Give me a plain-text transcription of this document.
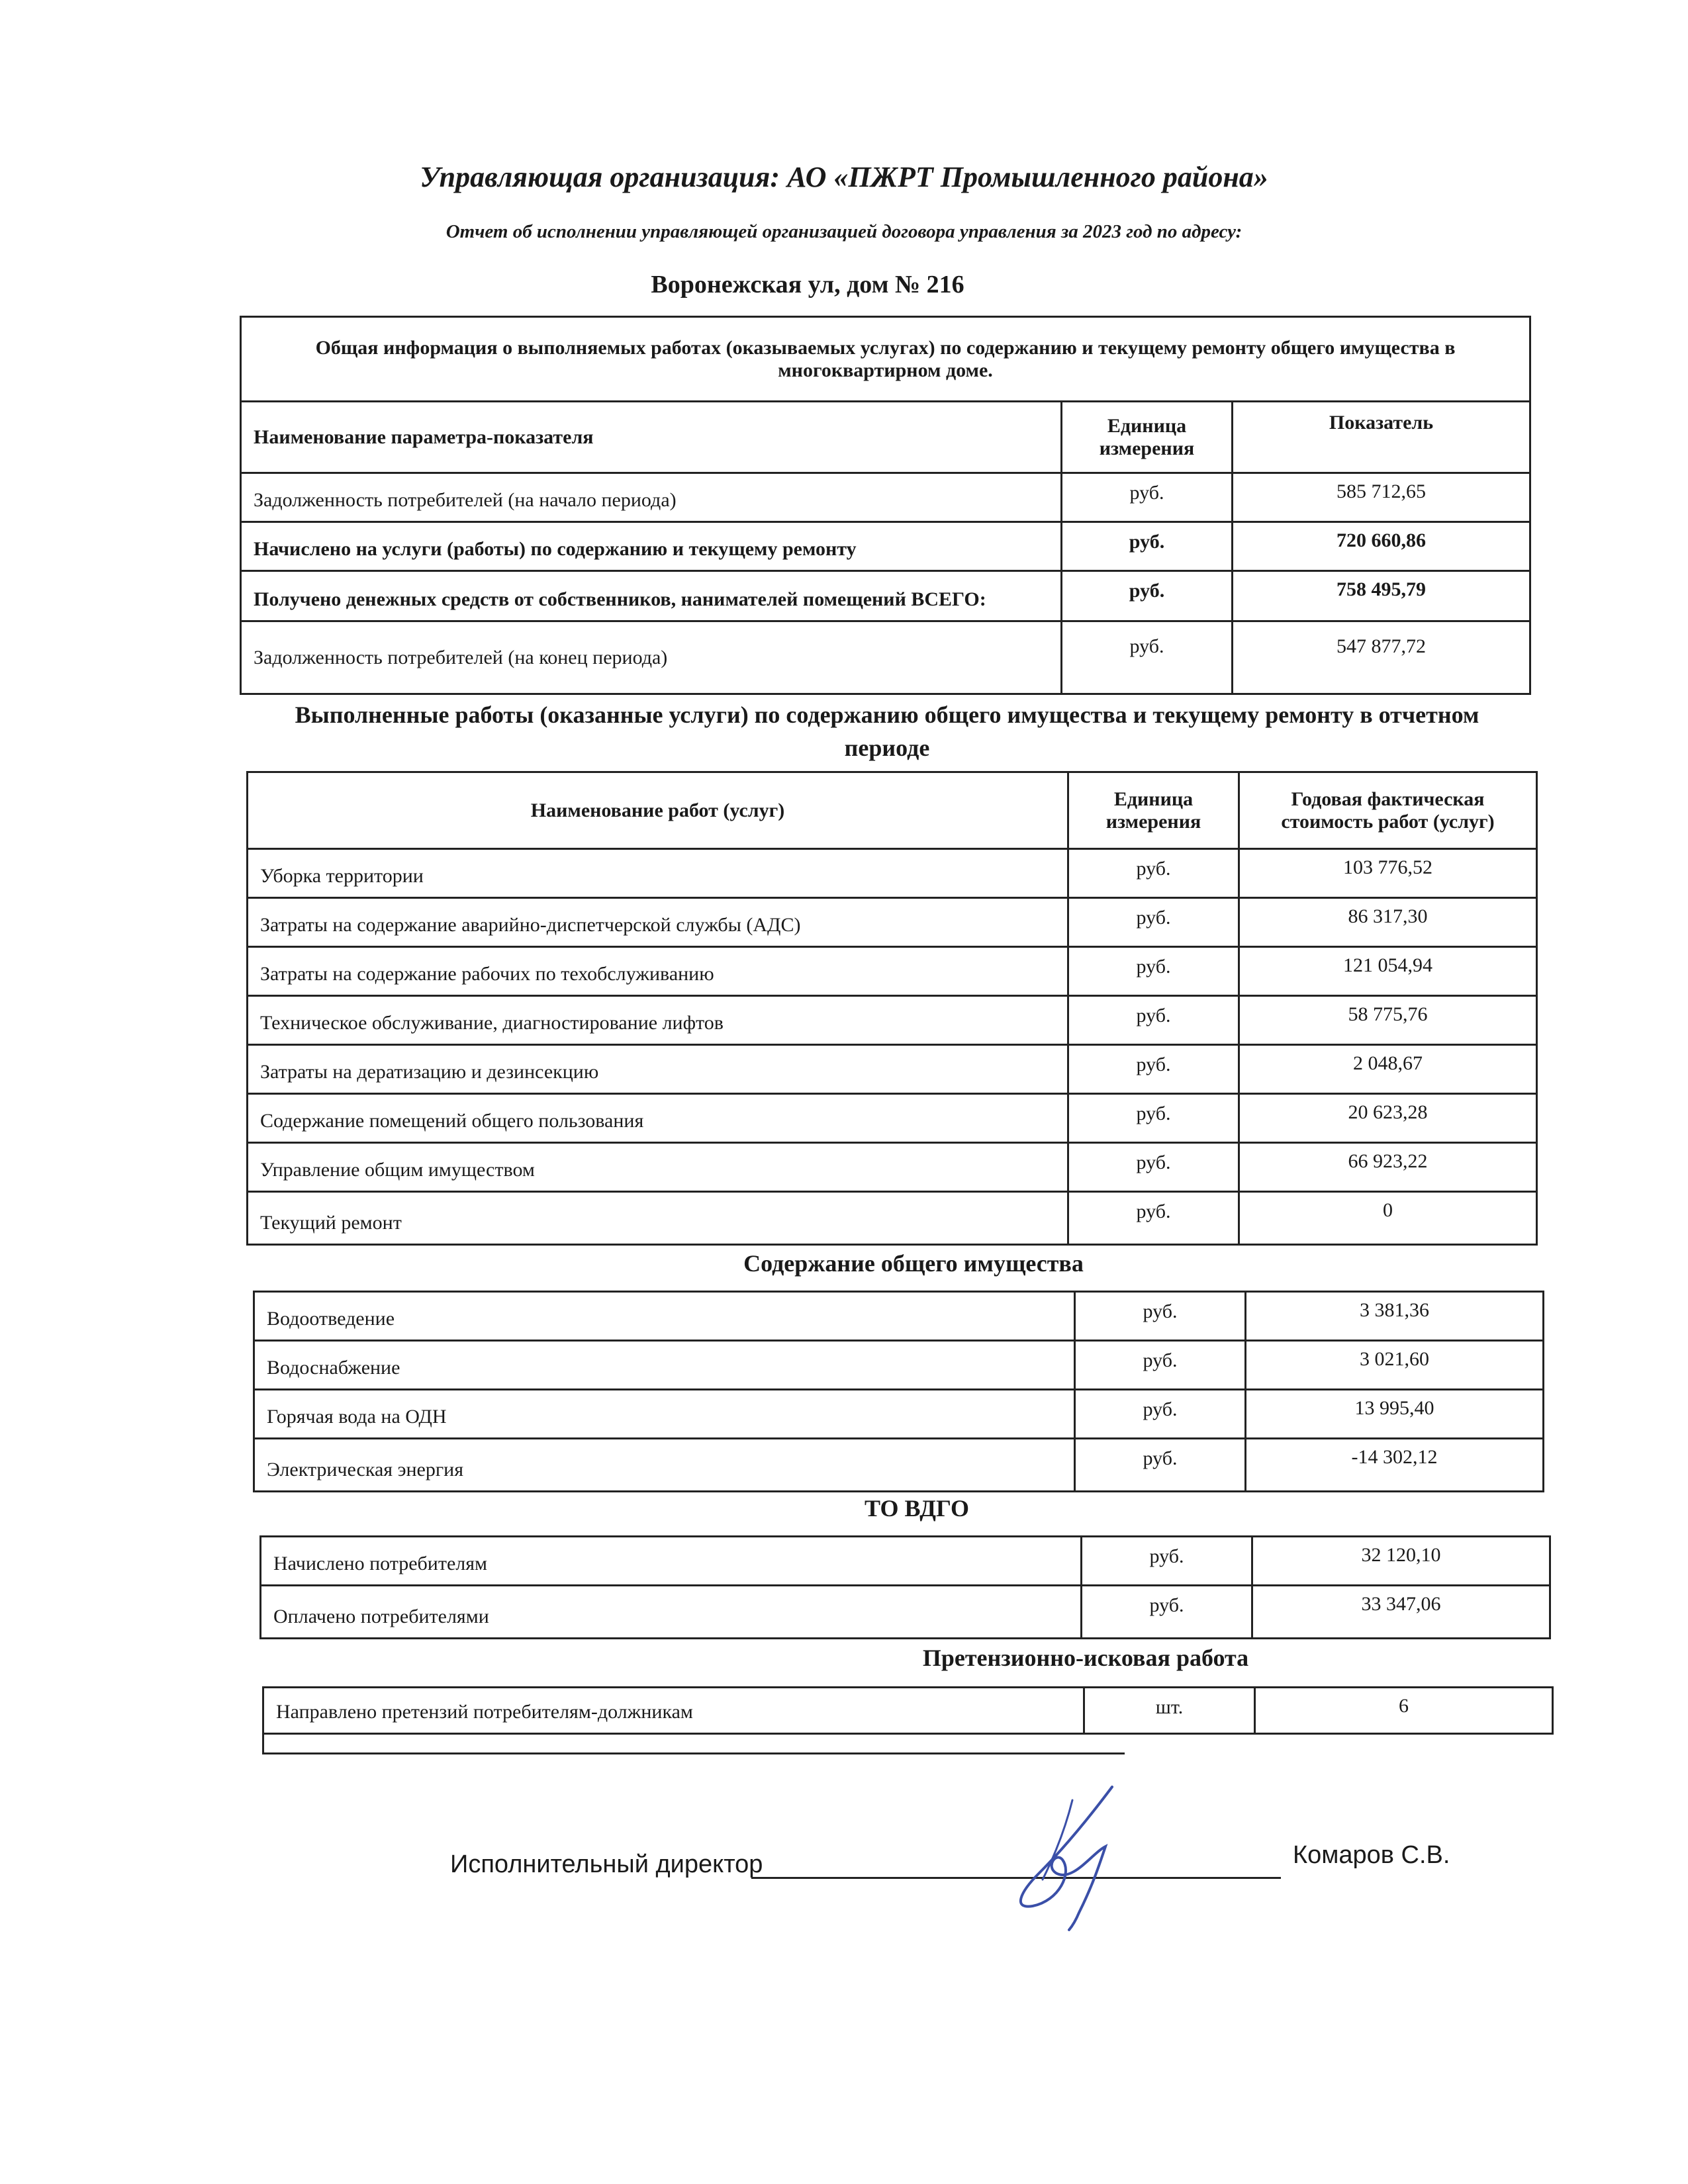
Управляющая организация: АО «ПЖРТ Промышленного района»
Отчет об исполнении управляющей организацией договора управления за 2023 год по адресу:
Воронежская ул, дом № 216
Общая информация о выполняемых работах (оказываемых услугах) по содержанию и текущему ремонту общего имущества в многоквартирном доме.		
Наименование параметра-показателя	Единица измерения	Показатель
Задолженность потребителей (на начало периода)	руб.	585 712,65
Начислено на услуги (работы) по содержанию и текущему ремонту	руб.	720 660,86
Получено денежных средств от собственников, нанимателей помещений ВСЕГО:	руб.	758 495,79
Задолженность потребителей (на конец периода)	руб.	547 877,72
Выполненные работы (оказанные услуги) по содержанию общего имущества и текущему ремонту в отчетном периоде
Наименование работ (услуг)	Единица измерения	Годовая фактическая стоимость работ (услуг)
Уборка территории	руб.	103 776,52
Затраты на содержание аварийно-диспетчерской службы (АДС)	руб.	86 317,30
Затраты на содержание рабочих по техобслуживанию	руб.	121 054,94
Техническое обслуживание, диагностирование лифтов	руб.	58 775,76
Затраты на дератизацию и дезинсекцию	руб.	2 048,67
Содержание помещений общего пользования	руб.	20 623,28
Управление общим имуществом	руб.	66 923,22
Текущий ремонт	руб.	0
Содержание общего имущества
Водоотведение	руб.	3 381,36
Водоснабжение	руб.	3 021,60
Горячая вода на ОДН	руб.	13 995,40
Электрическая энергия	руб.	-14 302,12
ТО ВДГО
Начислено потребителям	руб.	32 120,10
Оплачено потребителями	руб.	33 347,06
Претензионно-исковая работа
Направлено претензий потребителям-должникам	шт.	6
Исполнительный директор	Комаров С.В.
